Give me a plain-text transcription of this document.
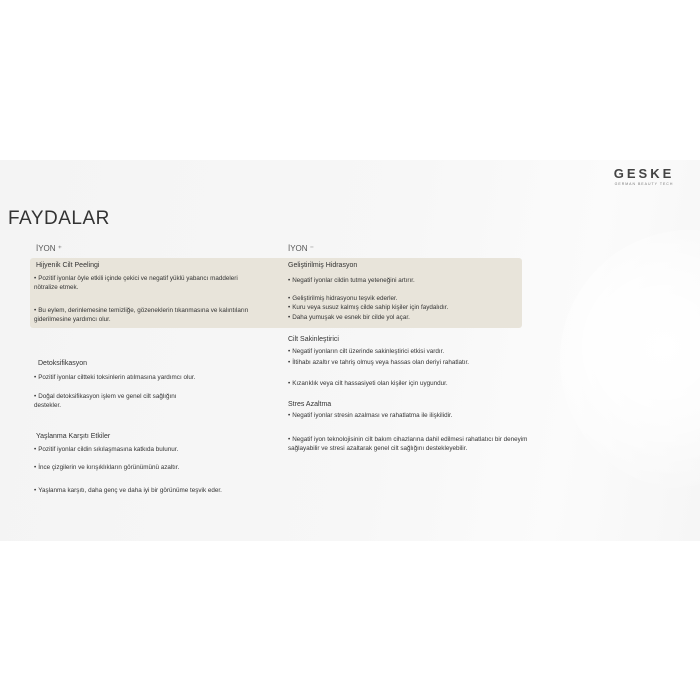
GESKE
GERMAN BEAUTY TECH
FAYDALAR
İYON ⁺	İYON ⁻
Hijyenik Cilt Peelingi
• Pozitif iyonlar öyle etkili içinde çekici ve negatif yüklü yabancı maddeleri nötralize etmek.
• Bu eylem, derinlemesine temizliğe, gözeneklerin tıkanmasına ve kalıntıların giderilmesine yardımcı olur.
Detoksifikasyon
• Pozitif iyonlar ciltteki toksinlerin atılmasına yardımcı olur.
• Doğal detoksifikasyon işlem ve genel cilt sağlığını destekler.
Yaşlanma Karşıtı Etkiler
• Pozitif iyonlar cildin sıkılaşmasına katkıda bulunur.
• İnce çizgilerin ve kırışıklıkların görünümünü azaltır.
• Yaşlanma karşıtı, daha genç ve daha iyi bir görünüme teşvik eder.
Geliştirilmiş Hidrasyon
• Negatif iyonlar cildin tutma yeteneğini artırır.
• Geliştirilmiş hidrasyonu teşvik ederler.
• Kuru veya susuz kalmış cilde sahip kişiler için faydalıdır.
• Daha yumuşak ve esnek bir cilde yol açar.
Cilt Sakinleştirici
• Negatif iyonların cilt üzerinde sakinleştirici etkisi vardır.
• İltihabı azaltır ve tahriş olmuş veya hassas olan deriyi rahatlatır.
• Kızarıklık veya cilt hassasiyeti olan kişiler için uygundur.
Stres Azaltma
• Negatif iyonlar stresin azalması ve rahatlatma ile ilişkilidir.
• Negatif iyon teknolojisinin cilt bakım cihazlarına dahil edilmesi rahatlatıcı bir deneyim sağlayabilir ve stresi azaltarak genel cilt sağlığını destekleyebilir.
